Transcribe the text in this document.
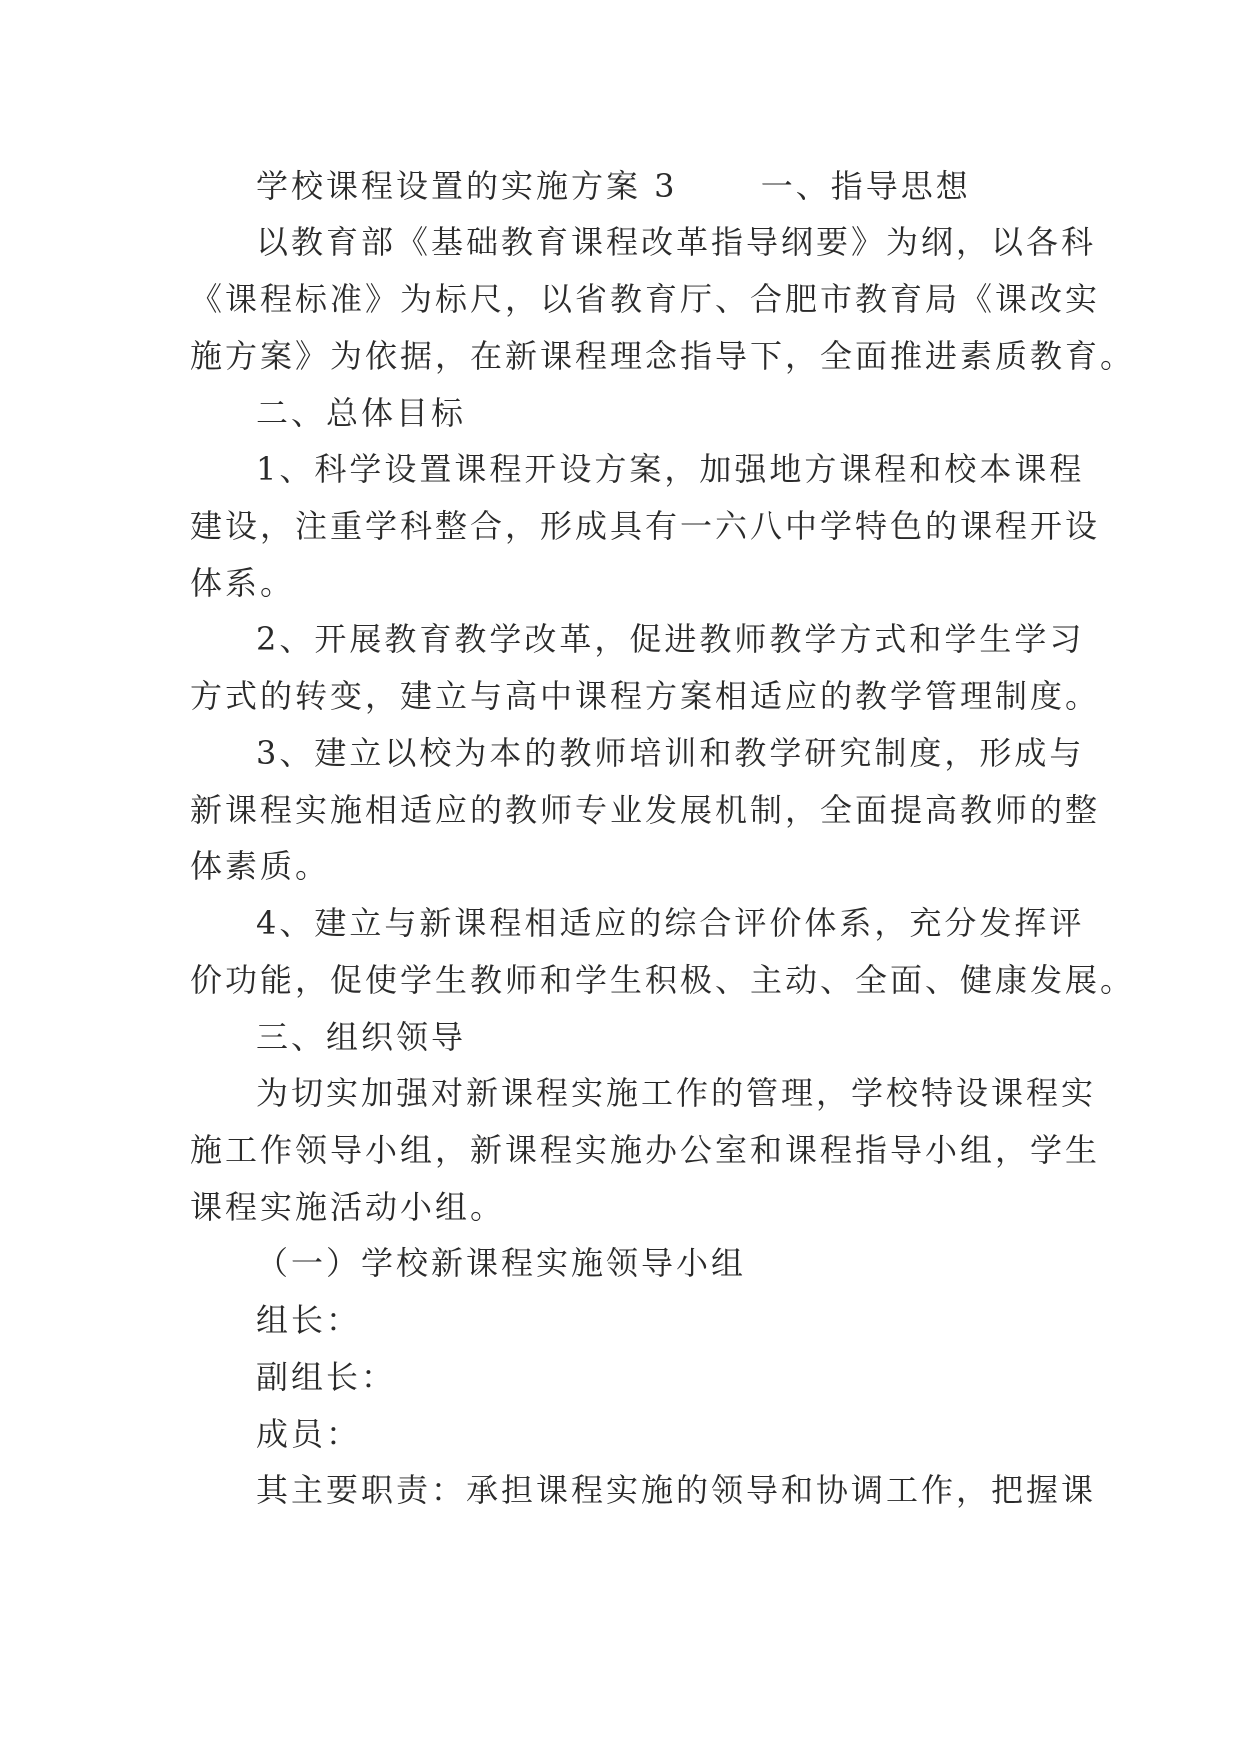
学校课程设置的实施方案 3　　 一、指导思想

以教育部《基础教育课程改革指导纲要》为纲，以各科

《课程标准》为标尺，以省教育厅、合肥市教育局《课改实

施方案》为依据，在新课程理念指导下，全面推进素质教育。

二、总体目标

1、科学设置课程开设方案，加强地方课程和校本课程

建设，注重学科整合，形成具有一六八中学特色的课程开设

体系。

2、开展教育教学改革，促进教师教学方式和学生学习

方式的转变，建立与高中课程方案相适应的教学管理制度。

3、建立以校为本的教师培训和教学研究制度，形成与

新课程实施相适应的教师专业发展机制，全面提高教师的整

体素质。

4、建立与新课程相适应的综合评价体系，充分发挥评

价功能，促使学生教师和学生积极、主动、全面、健康发展。

三、组织领导

为切实加强对新课程实施工作的管理，学校特设课程实

施工作领导小组，新课程实施办公室和课程指导小组，学生

课程实施活动小组。

（一）学校新课程实施领导小组

组长：

副组长：

成员：

其主要职责：承担课程实施的领导和协调工作，把握课
